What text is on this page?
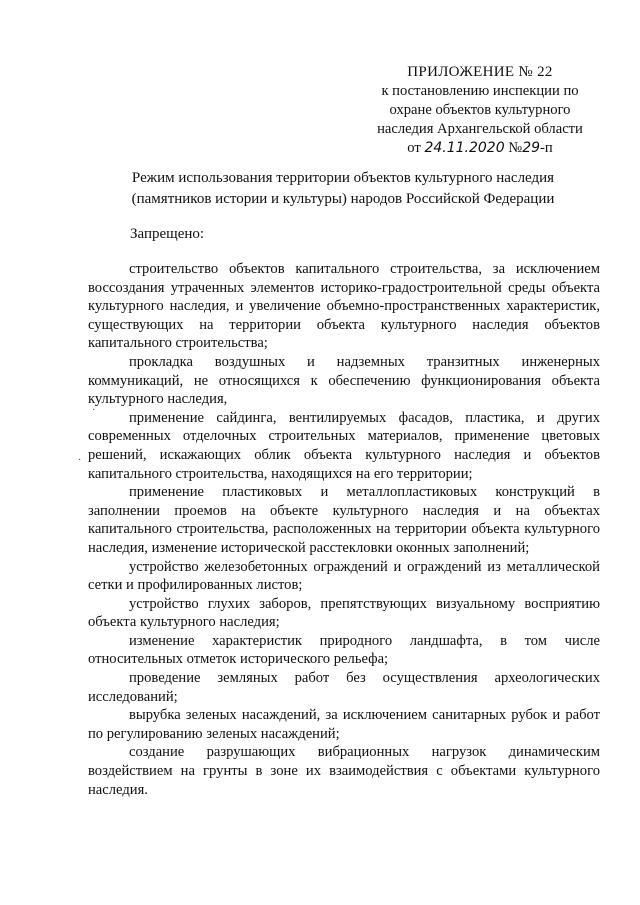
ПРИЛОЖЕНИЕ № 22
к постановлению инспекции по
охране объектов культурного
наследия Архангельской области
от 24.11.2020 №29-п
Режим использования территории объектов культурного наследия
(памятников истории и культуры) народов Российской Федерации
Запрещено:

строительство объектов капитального строительства, за исключением воссоздания утраченных элементов историко-градостроительной среды объекта культурного наследия, и увеличение объемно-пространственных характеристик, существующих на территории объекта культурного наследия объектов капитального строительства;

прокладка воздушных и надземных транзитных инженерных коммуникаций, не относящихся к обеспечению функционирования объекта культурного наследия,

применение сайдинга, вентилируемых фасадов, пластика, и других современных отделочных строительных материалов, применение цветовых решений, искажающих облик объекта культурного наследия и объектов капитального строительства, находящихся на его территории;

применение пластиковых и металлопластиковых конструкций в заполнении проемов на объекте культурного наследия и на объектах капитального строительства, расположенных на территории объекта культурного наследия, изменение исторической расстекловки оконных заполнений;

устройство железобетонных ограждений и ограждений из металлической сетки и профилированных листов;

устройство глухих заборов, препятствующих визуальному восприятию объекта культурного наследия;

изменение характеристик природного ландшафта, в том числе относительных отметок исторического рельефа;

проведение земляных работ без осуществления археологических исследований;

вырубка зеленых насаждений, за исключением санитарных рубок и работ по регулированию зеленых насаждений;

создание разрушающих вибрационных нагрузок динамическим воздействием на грунты в зоне их взаимодействия с объектами культурного наследия.

·
·
